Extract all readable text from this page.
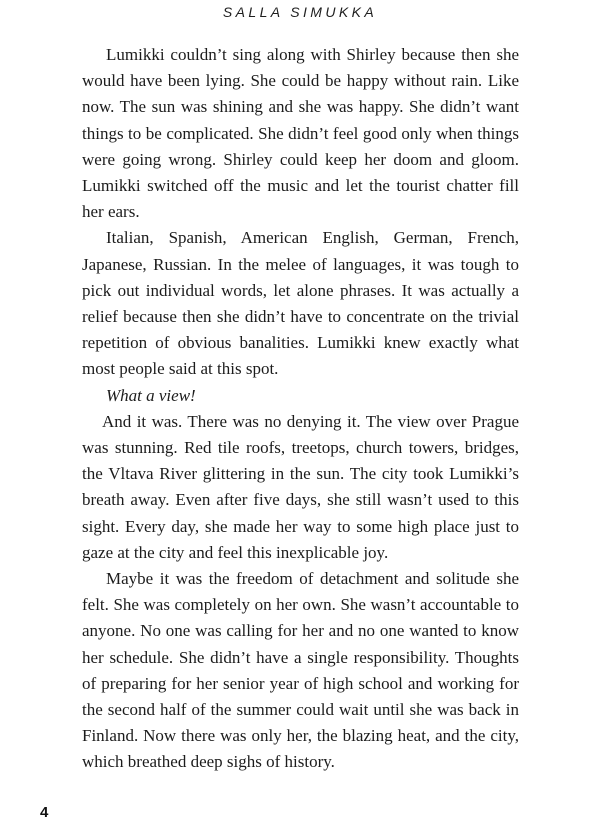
SALLA SIMUKKA

Lumikki couldn’t sing along with Shirley because then she would have been lying. She could be happy without rain. Like now. The sun was shining and she was happy. She didn’t want things to be complicated. She didn’t feel good only when things were going wrong. Shirley could keep her doom and gloom. Lumikki switched off the music and let the tourist chatter fill her ears.

Italian, Spanish, American English, German, French, Japanese, Russian. In the melee of languages, it was tough to pick out individual words, let alone phrases. It was actually a relief because then she didn’t have to concentrate on the trivial repetition of obvious banalities. Lumikki knew exactly what most people said at this spot.

What a view!

And it was. There was no denying it. The view over Prague was stunning. Red tile roofs, treetops, church towers, bridges, the Vltava River glittering in the sun. The city took Lumikki’s breath away. Even after five days, she still wasn’t used to this sight. Every day, she made her way to some high place just to gaze at the city and feel this inexplicable joy.

Maybe it was the freedom of detachment and solitude she felt. She was completely on her own. She wasn’t accountable to anyone. No one was calling for her and no one wanted to know her schedule. She didn’t have a single responsibility. Thoughts of preparing for her senior year of high school and working for the second half of the summer could wait until she was back in Finland. Now there was only her, the blazing heat, and the city, which breathed deep sighs of history.

4
